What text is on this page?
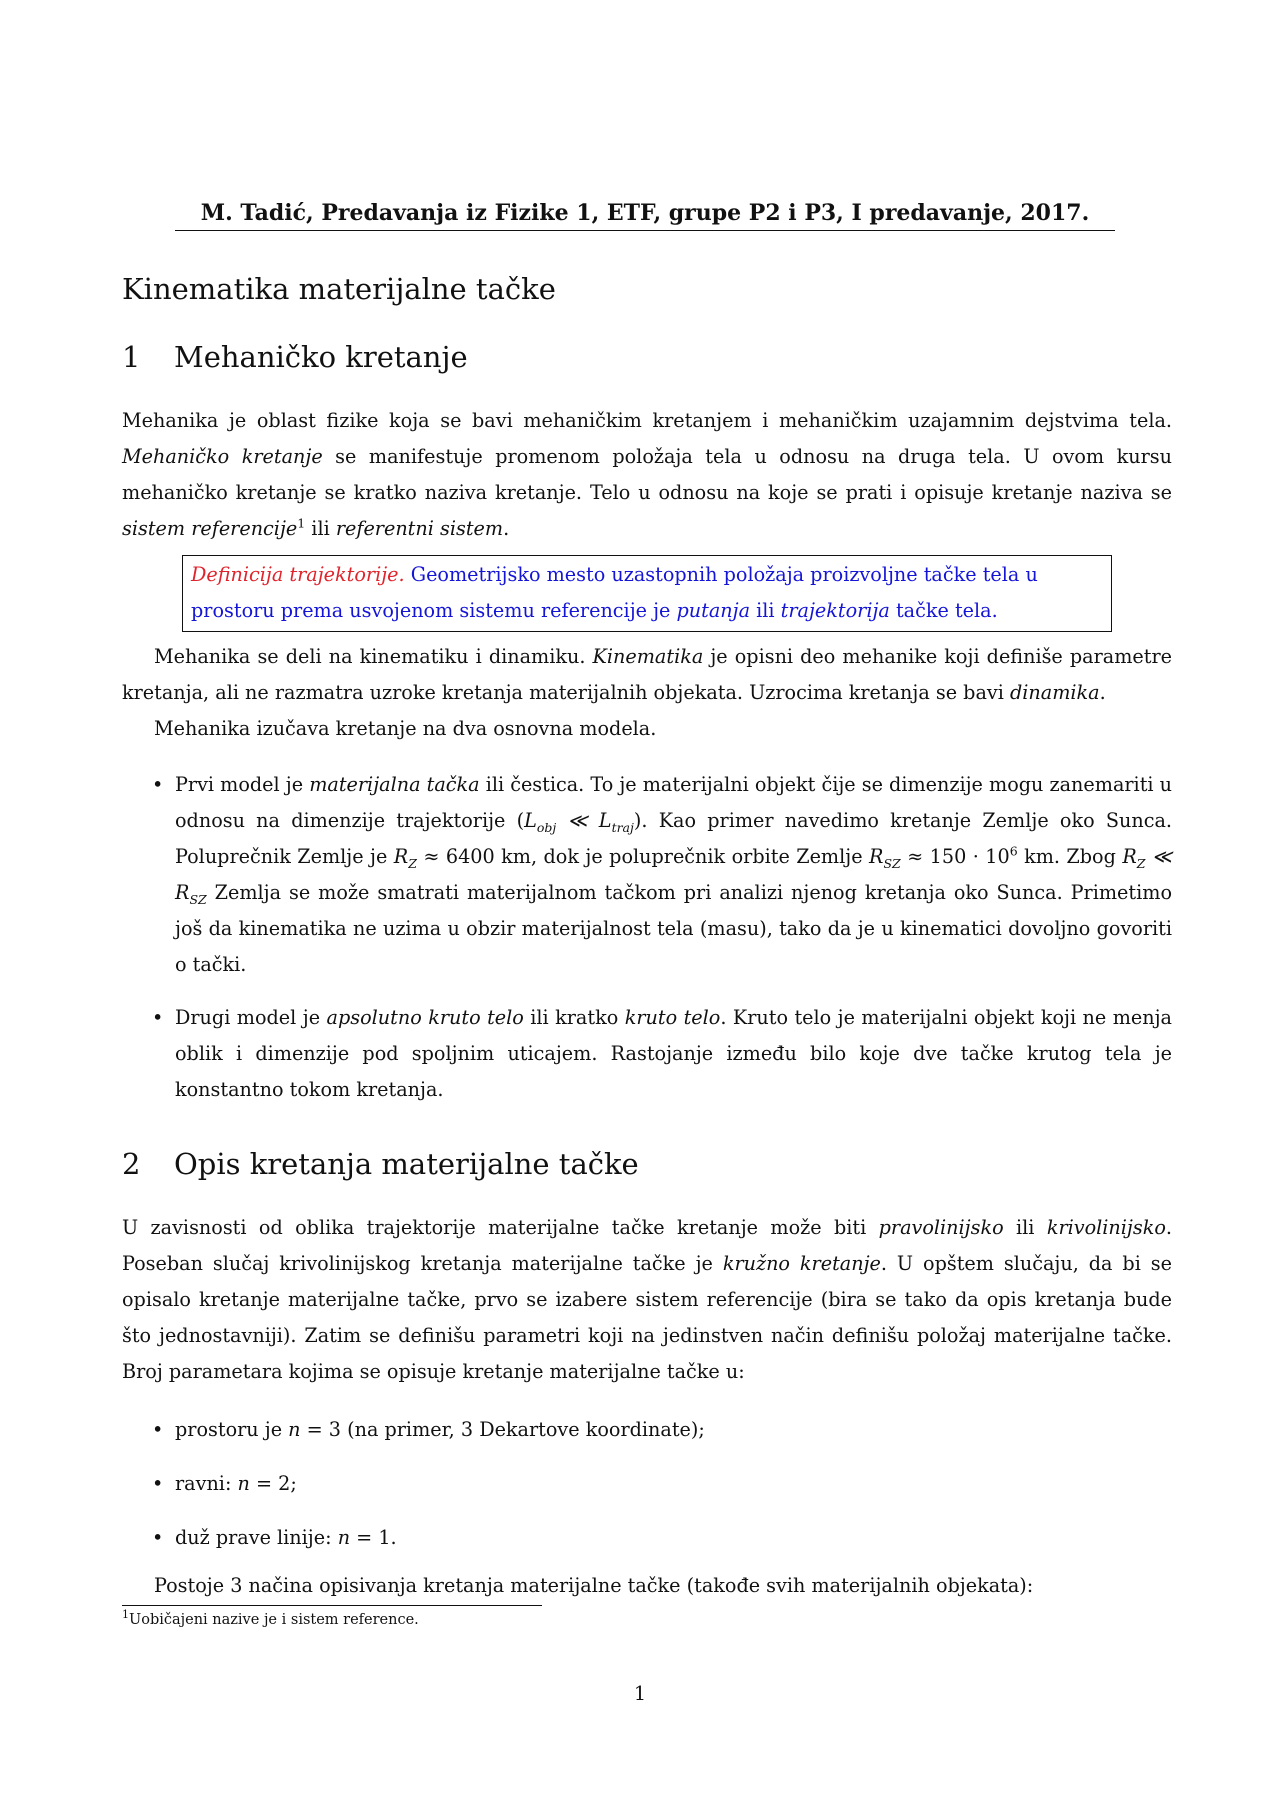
M. Tadić, Predavanja iz Fizike 1, ETF, grupe P2 i P3, I predavanje, 2017.
Kinematika materijalne tačke
1 Mehaničko kretanje
Mehanika je oblast fizike koja se bavi mehaničkim kretanjem i mehaničkim uzajamnim dejstvima tela. Mehaničko kretanje se manifestuje promenom položaja tela u odnosu na druga tela. U ovom kursu mehaničko kretanje se kratko naziva kretanje. Telo u odnosu na koje se prati i opisuje kretanje naziva se sistem referencije$^1$ ili referentni sistem.
Definicija trajektorije. Geometrijsko mesto uzastopnih položaja proizvoljne tačke tela u prostoru prema usvojenom sistemu referencije je putanja ili trajektorija tačke tela.
Mehanika se deli na kinematiku i dinamiku. Kinematika je opisni deo mehanike koji definiše parametre kretanja, ali ne razmatra uzroke kretanja materijalnih objekata. Uzrocima kretanja se bavi dinamika.
Mehanika izučava kretanje na dva osnovna modela.
• Prvi model je materijalna tačka ili čestica. To je materijalni objekt čije se dimenzije mogu zanemariti u odnosu na dimenzije trajektorije ($L_{obj}$ ≪ $L_{traj}$). Kao primer navedimo kretanje Zemlje oko Sunca. Poluprečnik Zemlje je $R_Z \approx 6400$ km, dok je poluprečnik orbite Zemlje $R_{SZ} \approx 150 \cdot 10^6$ km. Zbog $R_Z$ ≪ $R_{SZ}$ Zemlja se može smatrati materijalnom tačkom pri analizi njenog kretanja oko Sunca. Primetimo još da kinematika ne uzima u obzir materijalnost tela (masu), tako da je u kinematici dovoljno govoriti o tački.
• Drugi model je apsolutno kruto telo ili kratko kruto telo. Kruto telo je materijalni objekt koji ne menja oblik i dimenzije pod spoljnim uticajem. Rastojanje između bilo koje dve tačke krutog tela je konstantno tokom kretanja.
2 Opis kretanja materijalne tačke
U zavisnosti od oblika trajektorije materijalne tačke kretanje može biti pravolinijsko ili krivolinijsko. Poseban slučaj krivolinijskog kretanja materijalne tačke je kružno kretanje. U opštem slučaju, da bi se opisalo kretanje materijalne tačke, prvo se izabere sistem referencije (bira se tako da opis kretanja bude što jednostavniji). Zatim se definišu parametri koji na jedinstven način definišu položaj materijalne tačke. Broj parametara kojima se opisuje kretanje materijalne tačke u:
• prostoru je n = 3 (na primer, 3 Dekartove koordinate);
• ravni: n = 2;
• duž prave linije: n = 1.
Postoje 3 načina opisivanja kretanja materijalne tačke (takođe svih materijalnih objekata):
$^1$Uobičajeni nazive je i sistem reference.
1
